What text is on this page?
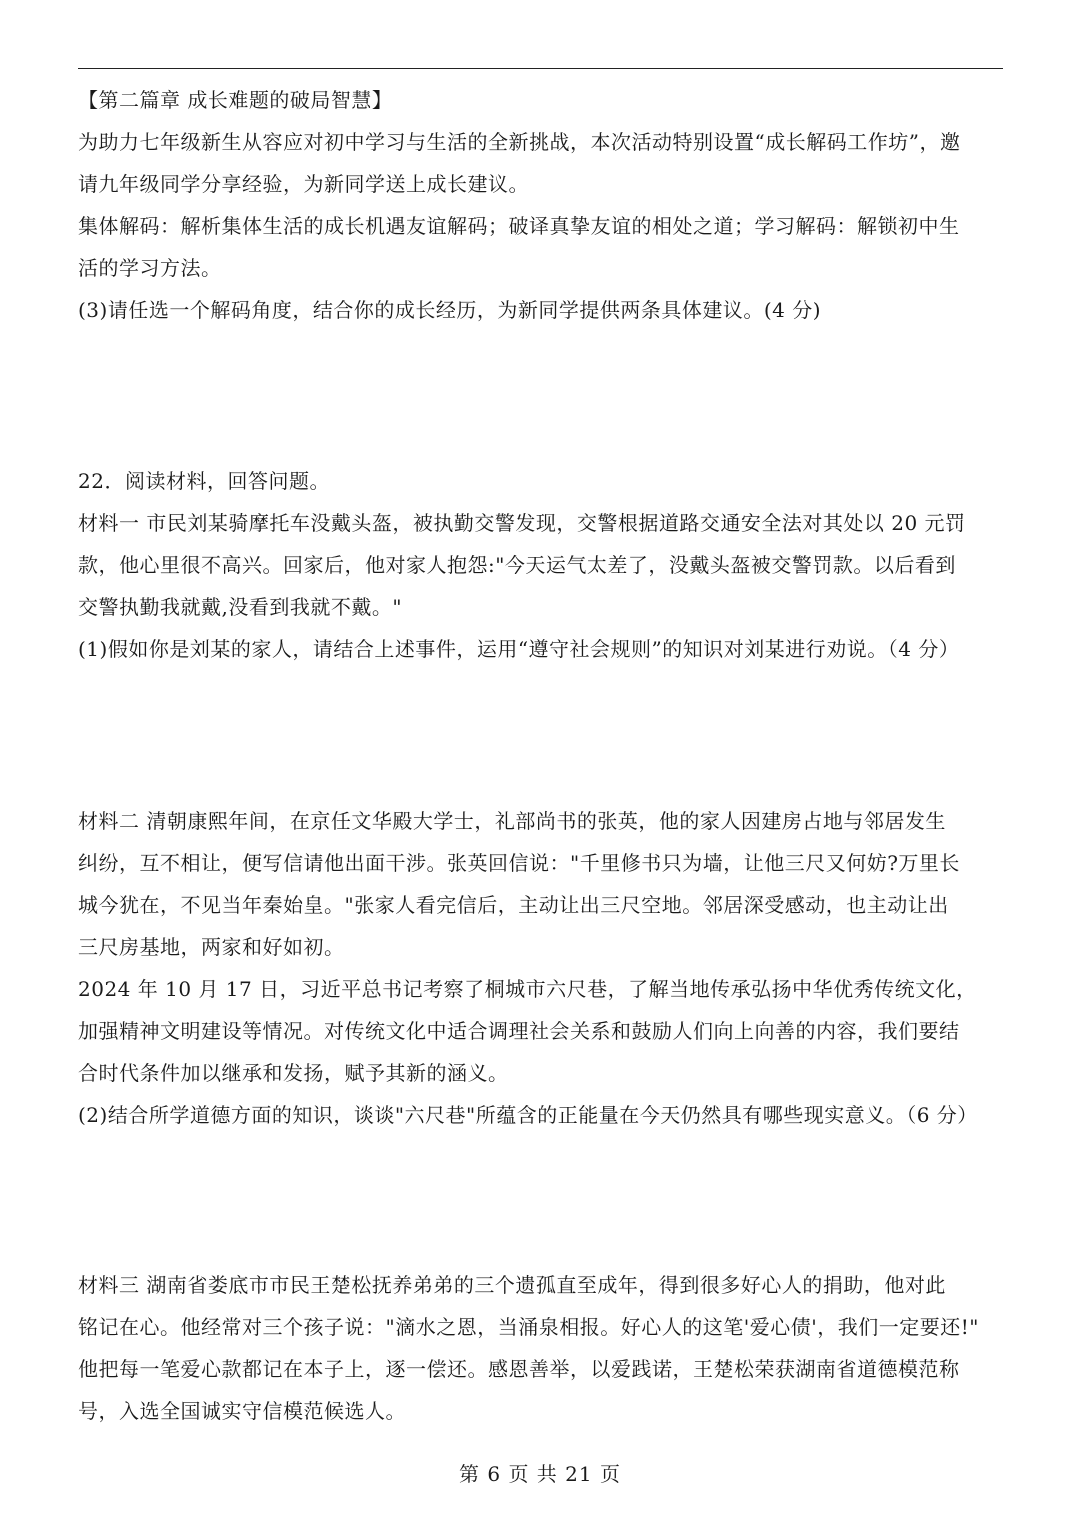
【第二篇章 成长难题的破局智慧】
为助力七年级新生从容应对初中学习与生活的全新挑战，本次活动特别设置“成长解码工作坊”，邀
请九年级同学分享经验，为新同学送上成长建议。
集体解码：解析集体生活的成长机遇友谊解码；破译真挚友谊的相处之道；学习解码：解锁初中生
活的学习方法。
(3)请任选一个解码角度，结合你的成长经历，为新同学提供两条具体建议。(4 分)
22．阅读材料，回答问题。
材料一 市民刘某骑摩托车没戴头盔，被执勤交警发现，交警根据道路交通安全法对其处以 20 元罚
款，他心里很不高兴。回家后，他对家人抱怨:"今天运气太差了，没戴头盔被交警罚款。以后看到
交警执勤我就戴,没看到我就不戴。"
(1)假如你是刘某的家人，请结合上述事件，运用“遵守社会规则”的知识对刘某进行劝说。（4 分）
材料二 清朝康熙年间，在京任文华殿大学士，礼部尚书的张英，他的家人因建房占地与邻居发生
纠纷，互不相让，便写信请他出面干涉。张英回信说："千里修书只为墙，让他三尺又何妨?万里长
城今犹在，不见当年秦始皇。"张家人看完信后，主动让出三尺空地。邻居深受感动，也主动让出
三尺房基地，两家和好如初。
2024 年 10 月 17 日，习近平总书记考察了桐城市六尺巷，了解当地传承弘扬中华优秀传统文化，
加强精神文明建设等情况。对传统文化中适合调理社会关系和鼓励人们向上向善的内容，我们要结
合时代条件加以继承和发扬，赋予其新的涵义。
(2)结合所学道德方面的知识，谈谈"六尺巷"所蕴含的正能量在今天仍然具有哪些现实意义。（6 分）
材料三 湖南省娄底市市民王楚松抚养弟弟的三个遗孤直至成年，得到很多好心人的捐助，他对此
铭记在心。他经常对三个孩子说："滴水之恩，当涌泉相报。好心人的这笔'爱心债'，我们一定要还!"
他把每一笔爱心款都记在本子上，逐一偿还。感恩善举，以爱践诺，王楚松荣获湖南省道德模范称
号，入选全国诚实守信模范候选人。
第 6 页 共 21 页
